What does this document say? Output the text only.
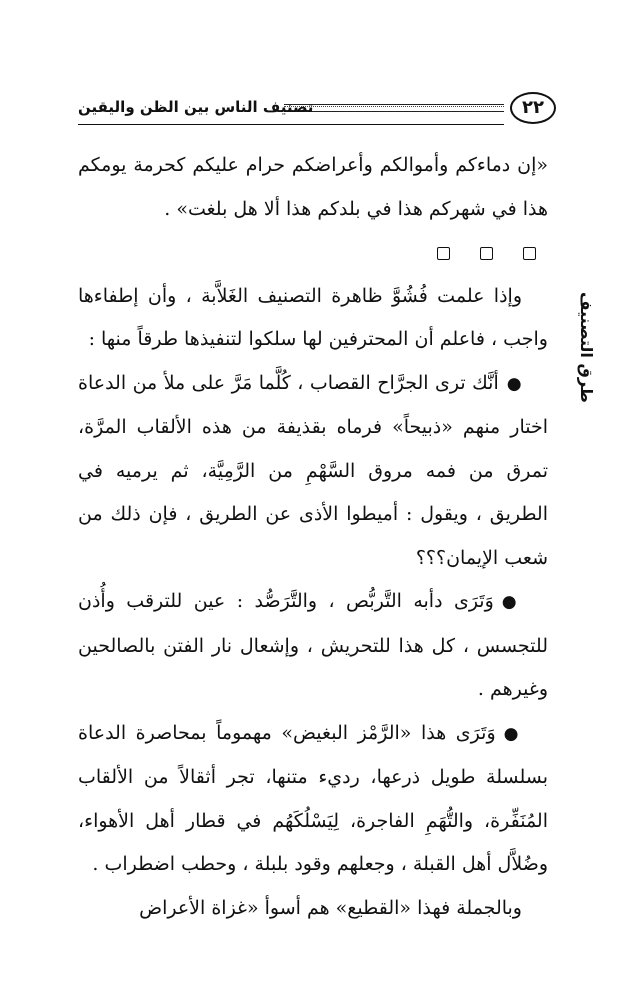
٢٢
تصنيف الناس بين الظن واليقين
طرق التصنيف

«إن دماءكم وأموالكم وأعراضكم حرام عليكم كحرمة يومكم هذا في شهركم هذا في بلدكم هذا ألا هل بلغت» .

وإذا علمت فُشُوَّ ظاهرة التصنيف الغَلاَّبة ، وأن إطفاءها واجب ، فاعلم أن المحترفين لها سلكوا لتنفيذها طرقاً منها :

●أنَّك ترى الجرَّاح القصاب ، كُلَّما مَرَّ على ملأ من الدعاة اختار منهم «ذبيحاً» فرماه بقذيفة من هذه الألقاب المرَّة، تمرق من فمه مروق السَّهْمِ من الرَّمِيَّة، ثم يرميه في الطريق ، ويقول : أميطوا الأذى عن الطريق ، فإن ذلك من شعب الإيمان؟؟؟

●وَتَرَى دأبه التَّربُّص ، والتَّرَصُّد : عين للترقب وأُذن للتجسس ، كل هذا للتحريش ، وإشعال نار الفتن بالصالحين وغيرهم .

●وَتَرَى هذا «الرَّمْز البغيض» مهموماً بمحاصرة الدعاة بسلسلة طويل ذرعها، رديء متنها، تجر أثقالاً من الألقاب المُنَفِّرة، والتُّهَمِ الفاجرة، لِيَسْلُكَهُم في قطار أهل الأهواء، وضُلاَّل أهل القبلة ، وجعلهم وقود بلبلة ، وحطب اضطراب .

وبالجملة فهذا «القطيع» هم أسوأ «غزاة الأعراض
